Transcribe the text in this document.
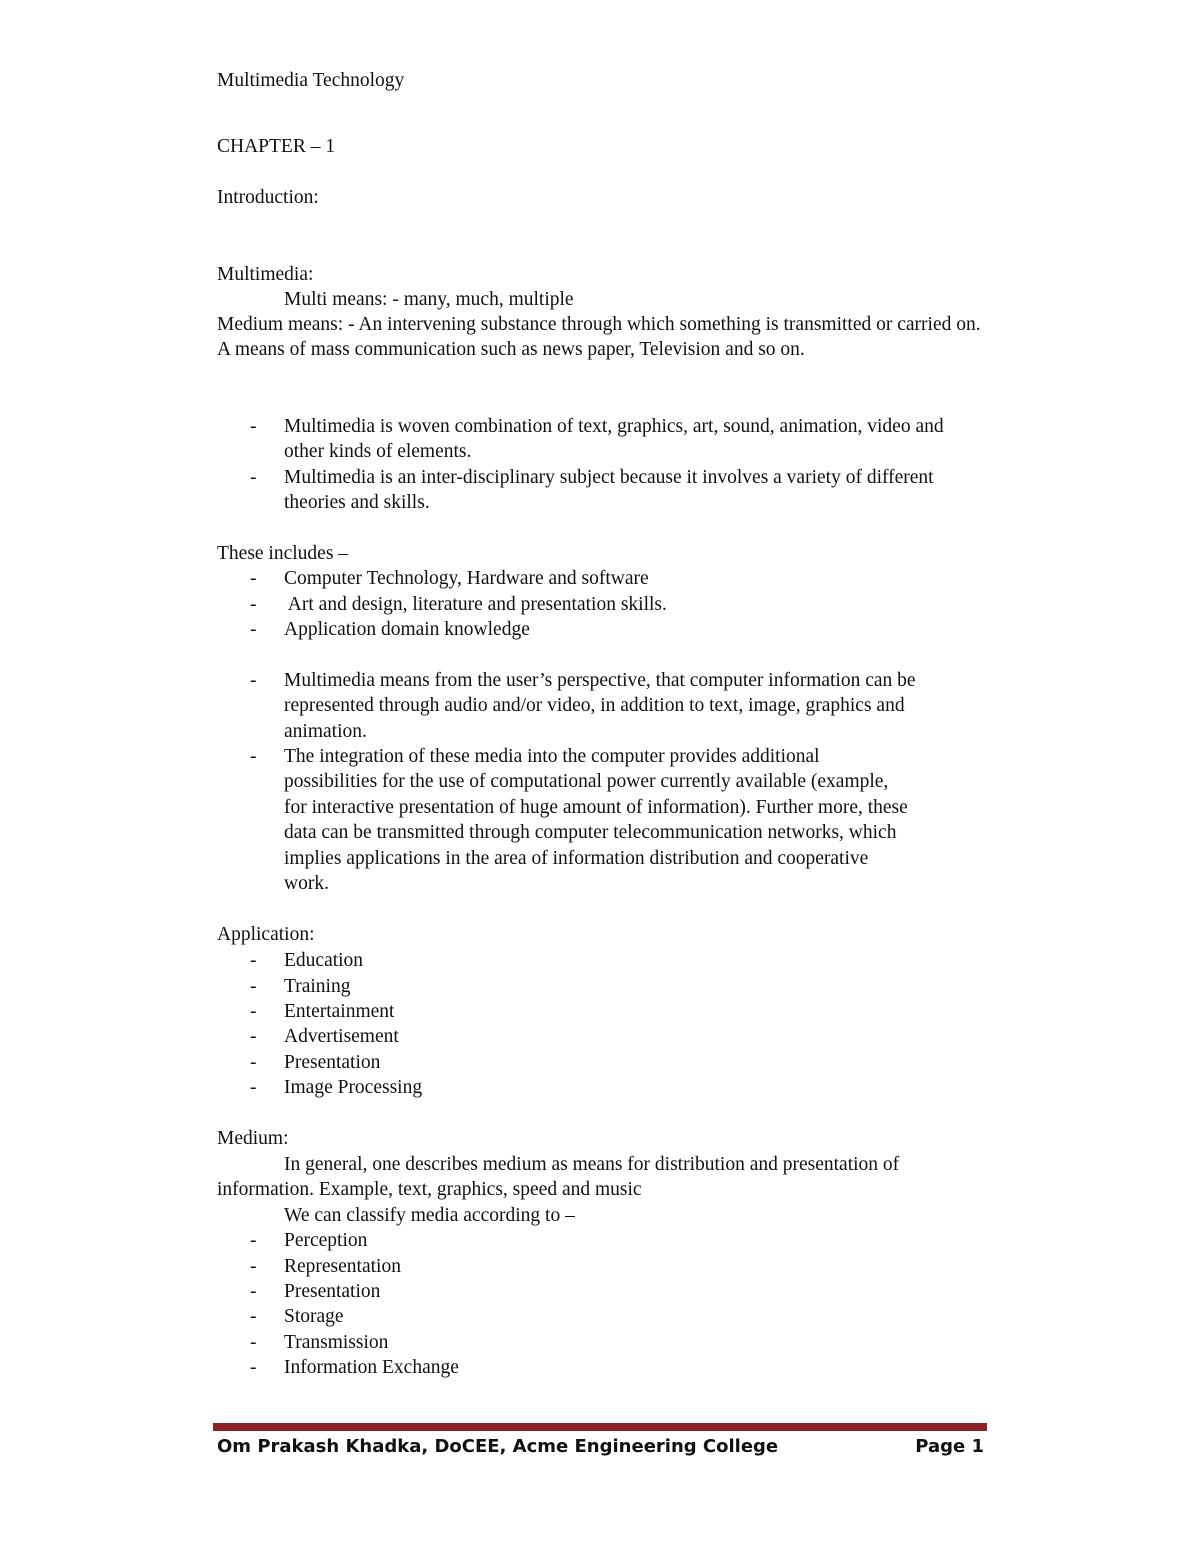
Multimedia Technology

CHAPTER – 1

Introduction:

Multimedia:

Multi means: - many, much, multiple

Medium means: - An intervening substance through which something is transmitted or carried on. A means of mass communication such as news paper, Television and so on.

- Multimedia is woven combination of text, graphics, art, sound, animation, video and other kinds of elements.

- Multimedia is an inter-disciplinary subject because it involves a variety of different theories and skills.

These includes –

- Computer Technology, Hardware and software

- Art and design, literature and presentation skills.

- Application domain knowledge

- Multimedia means from the user’s perspective, that computer information can be represented through audio and/or video, in addition to text, image, graphics and animation.

- The integration of these media into the computer provides additional possibilities for the use of computational power currently available (example, for interactive presentation of huge amount of information). Further more, these data can be transmitted through computer telecommunication networks, which implies applications in the area of information distribution and cooperative work.

Application:

- Education

- Training

- Entertainment

- Advertisement

- Presentation

- Image Processing

Medium:

In general, one describes medium as means for distribution and presentation of information. Example, text, graphics, speed and music

We can classify media according to –

- Perception

- Representation

- Presentation

- Storage

- Transmission

- Information Exchange

Om Prakash Khadka, DoCEE, Acme Engineering College	Page 1
